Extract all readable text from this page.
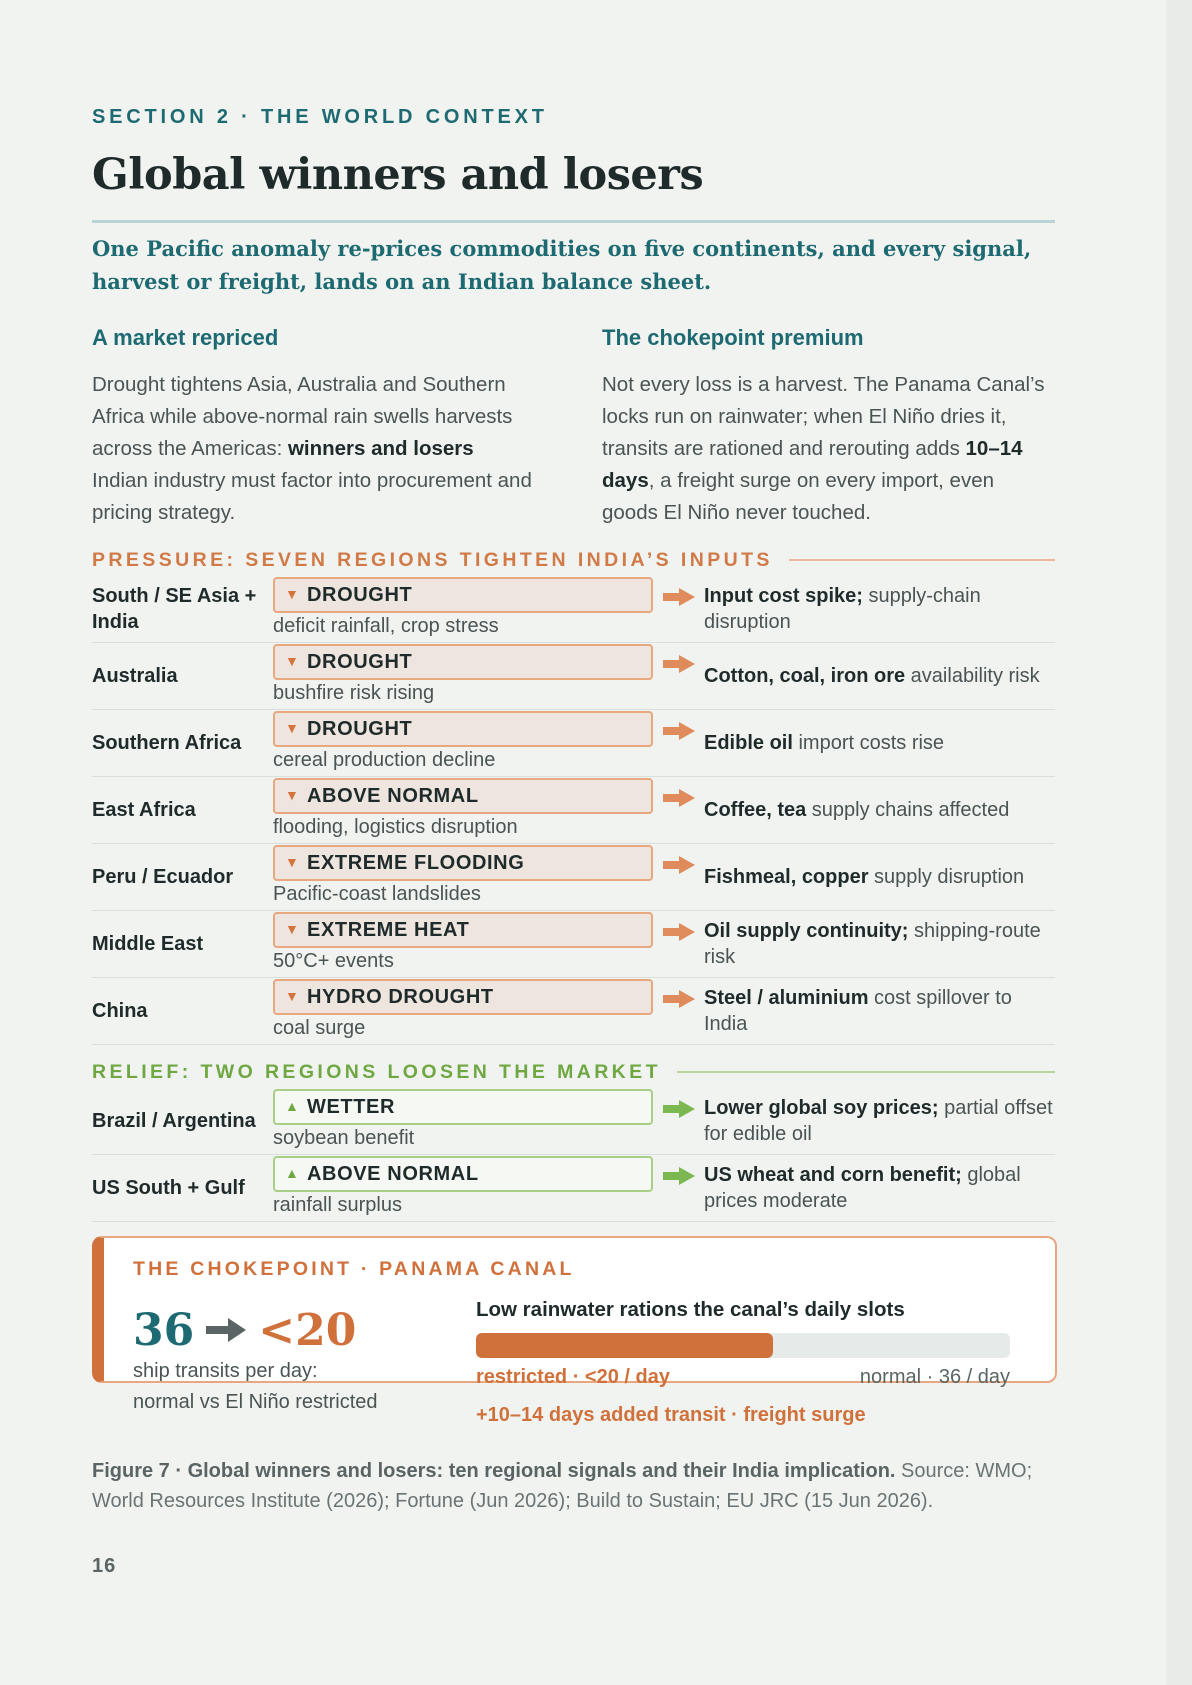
SECTION 2 · THE WORLD CONTEXT
Global winners and losers
One Pacific anomaly re-prices commodities on five continents, and every signal, harvest or freight, lands on an Indian balance sheet.
A market repriced

Drought tightens Asia, Australia and Southern Africa while above-normal rain swells harvests across the Americas: winners and losers Indian industry must factor into procurement and pricing strategy.

The chokepoint premium

Not every loss is a harvest. The Panama Canal’s locks run on rainwater; when El Niño dries it, transits are rationed and rerouting adds 10–14 days, a freight surge on every import, even goods El Niño never touched.

PRESSURE: SEVEN REGIONS TIGHTEN INDIA’S INPUTS
South / SE Asia + India
▼ DROUGHT
deficit rainfall, crop stress
Input cost spike; supply-chain disruption
Australia
▼ DROUGHT
bushfire risk rising
Cotton, coal, iron ore availability risk
Southern Africa
▼ DROUGHT
cereal production decline
Edible oil import costs rise
East Africa
▼ ABOVE NORMAL
flooding, logistics disruption
Coffee, tea supply chains affected
Peru / Ecuador
▼ EXTREME FLOODING
Pacific-coast landslides
Fishmeal, copper supply disruption
Middle East
▼ EXTREME HEAT
50°C+ events
Oil supply continuity; shipping-route risk
China
▼ HYDRO DROUGHT
coal surge
Steel / aluminium cost spillover to India
RELIEF: TWO REGIONS LOOSEN THE MARKET
Brazil / Argentina
▲ WETTER
soybean benefit
Lower global soy prices; partial offset for edible oil
US South + Gulf
▲ ABOVE NORMAL
rainfall surplus
US wheat and corn benefit; global prices moderate
THE CHOKEPOINT · PANAMA CANAL
36 <20
ship transits per day:
normal vs El Niño restricted
Low rainwater rations the canal’s daily slots
restricted · <20 / day	normal · 36 / day
+10–14 days added transit · freight surge
Figure 7 · Global winners and losers: ten regional signals and their India implication. Source: WMO; World Resources Institute (2026); Fortune (Jun 2026); Build to Sustain; EU JRC (15 Jun 2026).
16
